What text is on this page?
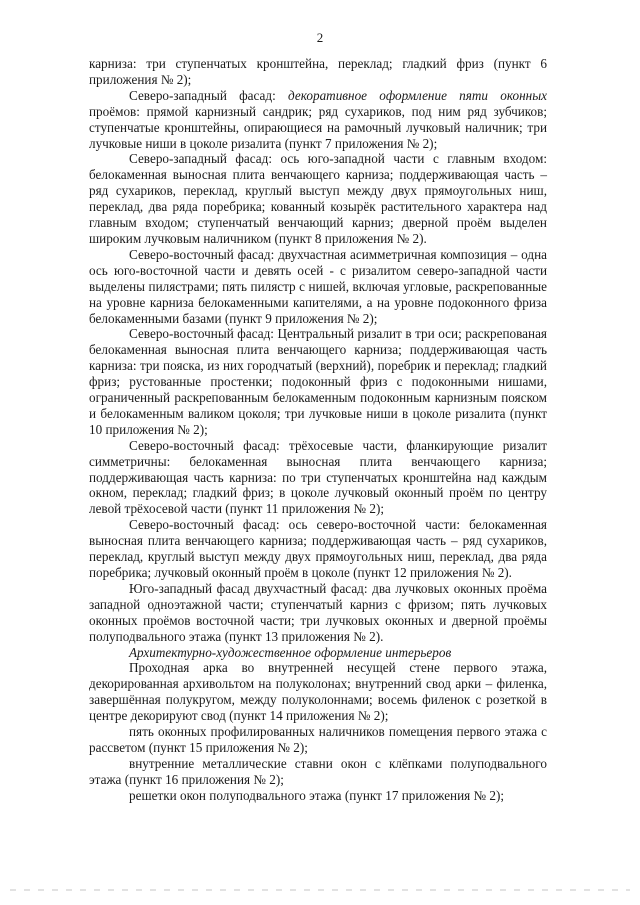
2

карниза: три ступенчатых кронштейна, переклад; гладкий фриз (пункт 6 приложения № 2);

Северо-западный фасад: декоративное оформление пяти оконных проёмов: прямой карнизный сандрик; ряд сухариков, под ним ряд зубчиков; ступенчатые кронштейны, опирающиеся на рамочный лучковый наличник; три лучковые ниши в цоколе ризалита (пункт 7 приложения № 2);

Северо-западный фасад: ось юго-западной части с главным входом: белокаменная выносная плита венчающего карниза; поддерживающая часть – ряд сухариков, переклад, круглый выступ между двух прямоугольных ниш, переклад, два ряда поребрика; кованный козырёк растительного характера над главным входом; ступенчатый венчающий карниз; дверной проём выделен широким лучковым наличником (пункт 8 приложения № 2).

Северо-восточный фасад: двухчастная асимметричная композиция – одна ось юго-восточной части и девять осей - с ризалитом северо-западной части выделены пилястрами; пять пилястр с нишей, включая угловые, раскрепованные на уровне карниза белокаменными капителями, а на уровне подоконного фриза белокаменными базами (пункт 9 приложения № 2);

Северо-восточный фасад: Центральный ризалит в три оси; раскрепованая белокаменная выносная плита венчающего карниза; поддерживающая часть карниза: три пояска, из них городчатый (верхний), поребрик и переклад; гладкий фриз; рустованные простенки; подоконный фриз с подоконными нишами, ограниченный раскрепованным белокаменным подоконным карнизным пояском и белокаменным валиком цоколя; три лучковые ниши в цоколе ризалита (пункт 10 приложения № 2);

Северо-восточный фасад: трёхосевые части, фланкирующие ризалит симметричны: белокаменная выносная плита венчающего карниза; поддерживающая часть карниза: по три ступенчатых кронштейна над каждым окном, переклад; гладкий фриз; в цоколе лучковый оконный проём по центру левой трёхосевой части (пункт 11 приложения № 2);

Северо-восточный фасад: ось северо-восточной части: белокаменная выносная плита венчающего карниза; поддерживающая часть – ряд сухариков, переклад, круглый выступ между двух прямоугольных ниш, переклад, два ряда поребрика; лучковый оконный проём в цоколе (пункт 12 приложения № 2).

Юго-западный фасад двухчастный фасад: два лучковых оконных проёма западной одноэтажной части; ступенчатый карниз с фризом; пять лучковых оконных проёмов восточной части; три лучковых оконных и дверной проёмы полуподвального этажа (пункт 13 приложения № 2).

Архитектурно-художественное оформление интерьеров

Проходная арка во внутренней несущей стене первого этажа, декорированная архивольтом на полуколонах; внутренний свод арки – филенка, завершённая полукругом, между полуколоннами; восемь филенок с розеткой в центре декорируют свод (пункт 14 приложения № 2);

пять оконных профилированных наличников помещения первого этажа с рассветом (пункт 15 приложения № 2);

внутренние металлические ставни окон с клёпками полуподвального этажа (пункт 16 приложения № 2);

решетки окон полуподвального этажа (пункт 17 приложения № 2);
